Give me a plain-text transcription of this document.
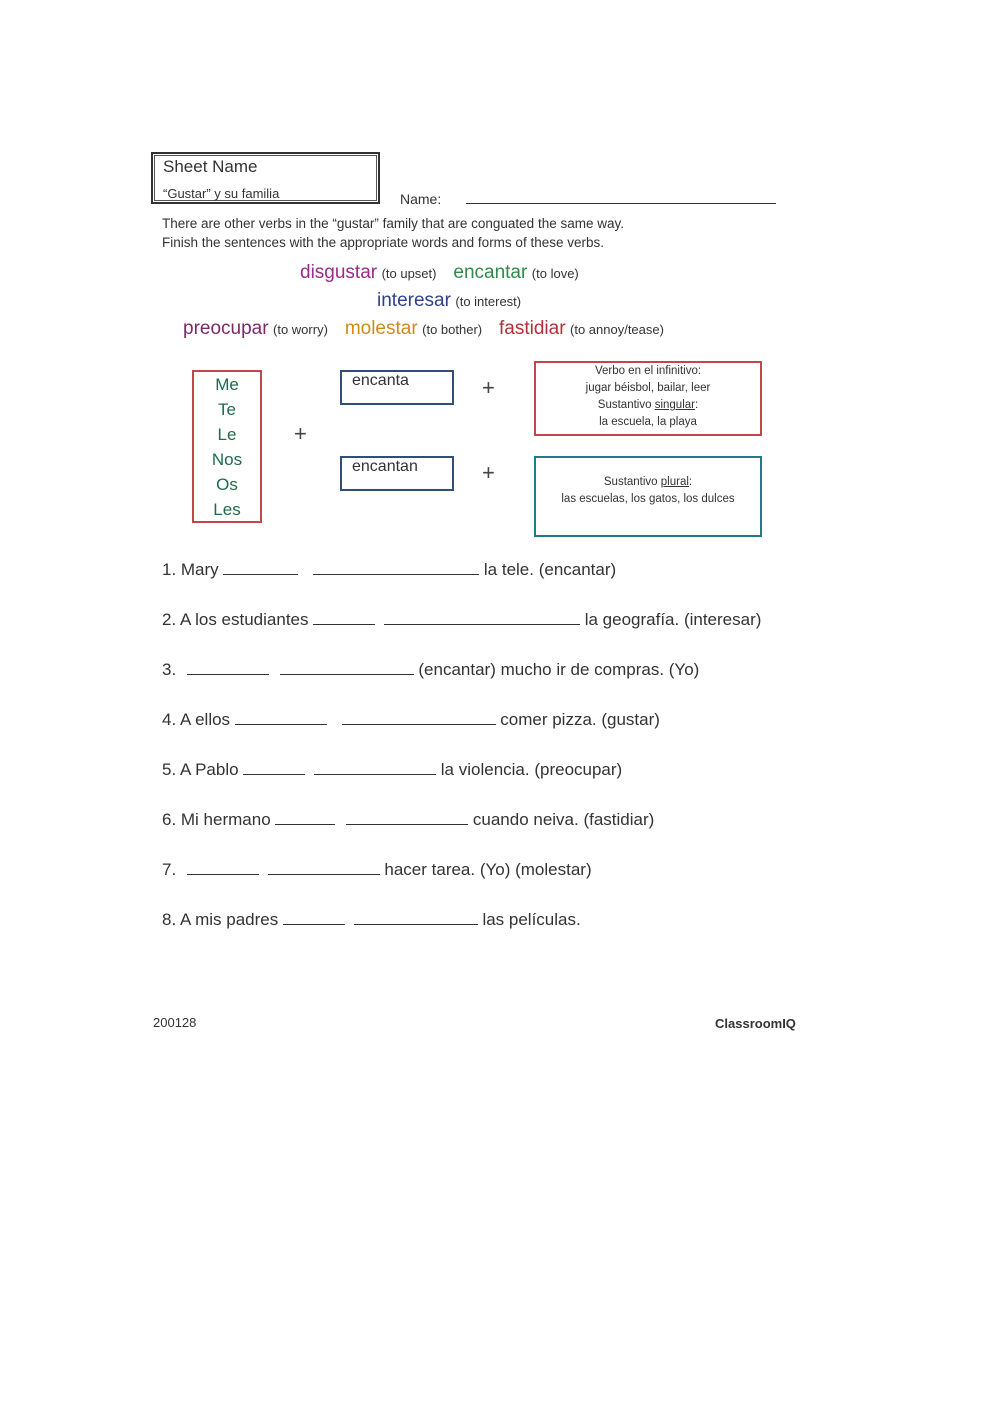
Sheet Name
“Gustar” y su familia	Name:
There are other verbs in the “gustar” family that are conguated the same way.
Finish the sentences with the appropriate words and forms of these verbs.
disgustar (to upset) encantar (to love)
interesar (to interest)
preocupar (to worry) molestar (to bother) fastidiar (to annoy/tease)
Me
Te
Le
Nos
Os
Les
+
encanta	+
encantan	+
Verbo en el infinitivo:
jugar béisbol, bailar, leer
Sustantivo singular:
la escuela, la playa
Sustantivo plural:
las escuelas, los gatos, los dulces
1. Mary	la tele. (encantar)
2. A los estudiantes	la geografía. (interesar)
3.	(encantar) mucho ir de compras. (Yo)
4. A ellos	comer pizza. (gustar)
5. A Pablo	la violencia. (preocupar)
6. Mi hermano	cuando neiva. (fastidiar)
7.	hacer tarea. (Yo) (molestar)
8. A mis padres	las películas.
200128	ClassroomIQ
